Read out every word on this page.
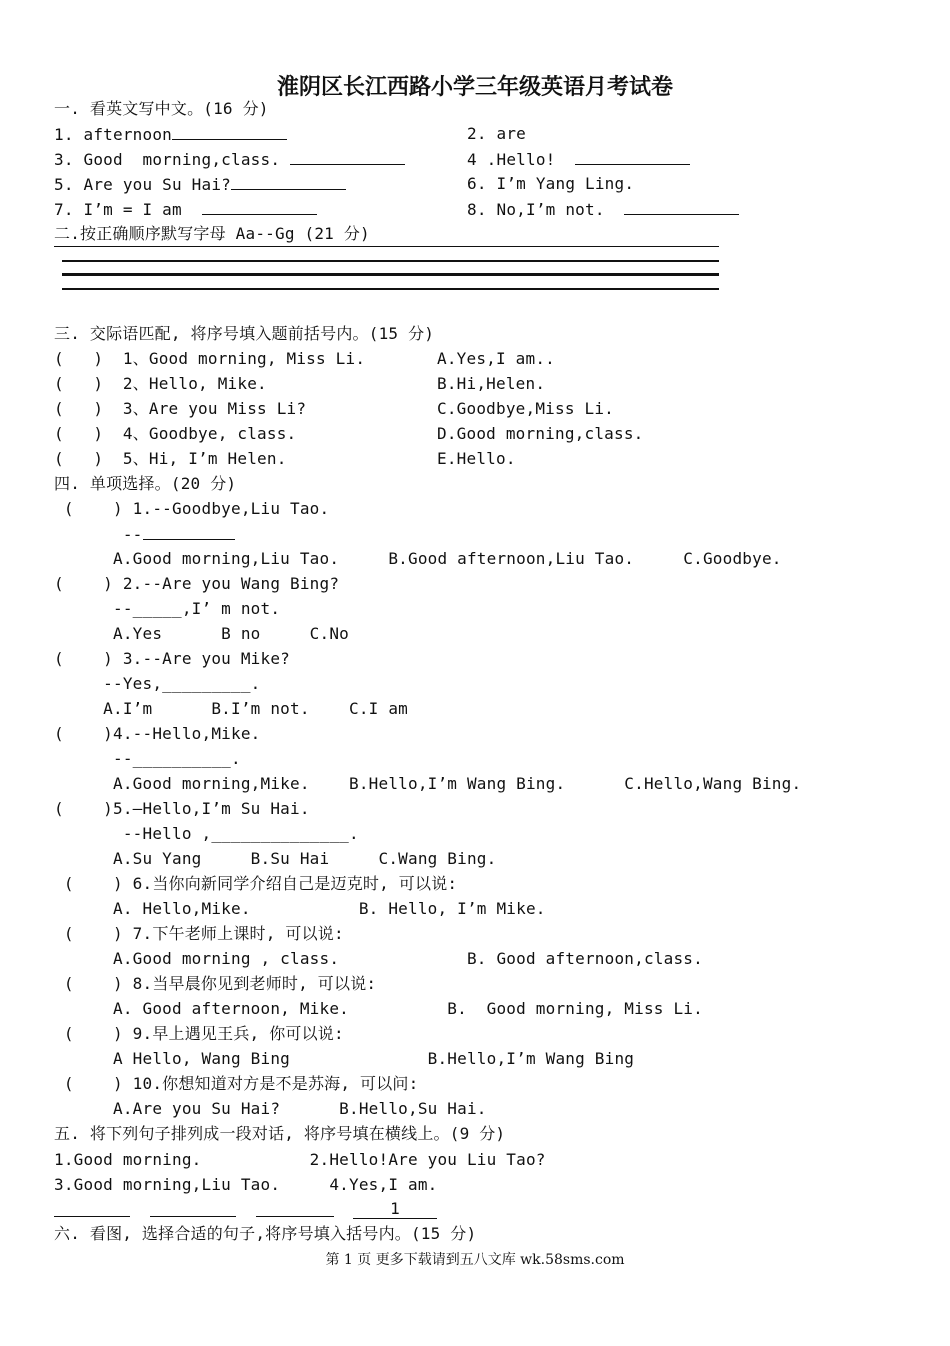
淮阴区长江西路小学三年级英语月考试卷
一. 看英文写中文。(16 分)
1. afternoon	2. are
3. Good  morning,class.	4 .Hello!
5. Are you Su Hai?	6. I’m Yang Ling.
7. I’m = I am	8. No,I’m not.
二.按正确顺序默写字母 Aa--Gg (21 分)
三. 交际语匹配, 将序号填入题前括号内。(15 分)
(   )  1、Good morning, Miss Li.	A.Yes,I am..
(   )  2、Hello, Mike.	B.Hi,Helen.
(   )  3、Are you Miss Li?	C.Goodbye,Miss Li.
(   )  4、Goodbye, class.	D.Good morning,class.
(   )  5、Hi, I’m Helen.	E.Hello.
四. 单项选择。(20 分)
(    ) 1.--Goodbye,Liu Tao.
--
A.Good morning,Liu Tao.     B.Good afternoon,Liu Tao.     C.Goodbye.
(    ) 2.--Are you Wang Bing?
--_____,I’ m not.
A.Yes      B no     C.No
(    ) 3.--Are you Mike?
--Yes,_________.
A.I’m      B.I’m not.    C.I am
(    )4.--Hello,Mike.
--__________.
A.Good morning,Mike.    B.Hello,I’m Wang Bing.      C.Hello,Wang Bing.
(    )5.—Hello,I’m Su Hai.
--Hello ,______________.
A.Su Yang     B.Su Hai     C.Wang Bing.
(    ) 6.当你向新同学介绍自己是迈克时, 可以说:
A. Hello,Mike.           B. Hello, I’m Mike.
(    ) 7.下午老师上课时, 可以说:
A.Good morning , class.             B. Good afternoon,class.
(    ) 8.当早晨你见到老师时, 可以说:
A. Good afternoon, Mike.          B.  Good morning, Miss Li.
(    ) 9.早上遇见王兵, 你可以说:
A Hello, Wang Bing              B.Hello,I’m Wang Bing
(    ) 10.你想知道对方是不是苏海, 可以问:
A.Are you Su Hai?      B.Hello,Su Hai.
五. 将下列句子排列成一段对话, 将序号填在横线上。(9 分)
1.Good morning.           2.Hello!Are you Liu Tao?
3.Good morning,Liu Tao.     4.Yes,I am.
1
六. 看图, 选择合适的句子,将序号填入括号内。(15 分)
第 1 页 更多下载请到五八文库 wk.58sms.com
